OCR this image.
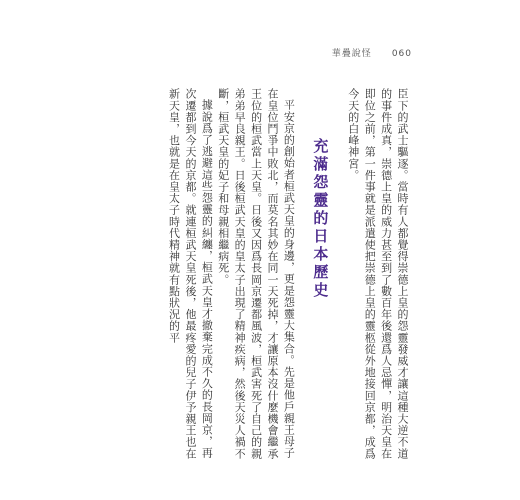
華疊說怪 060

臣下的武士驅逐。當時有人都覺得崇德上皇的怨靈發威才讓這種大逆不道的事件成真，崇德上皇的威力甚至到了數百年後還爲人忌憚，明治天皇在即位之前，第一件事就是派遣使把崇德上皇的靈柩從外地接回京都，成爲今天的白峰神宮。

充滿怨靈的日本歷史

平安京的創始者桓武天皇的身邊，更是怨靈大集合。先是他戶親王母子在皇位鬥爭中敗北，而莫名其妙在同一天死掉，才讓原本沒什麼機會繼承王位的桓武當上天皇。日後又因爲長岡京遷都風波，桓武害死了自己的親弟弟早良親王。日後桓武天皇的皇太子出現了精神疾病，然後天災人禍不斷，桓武天皇的妃子和母親相繼病死。

據說爲了逃避這些怨靈的糾纏，桓武天皇才撤棄完成不久的長岡京，再次遷都到今天的京都。就連桓武天皇死後，他最疼愛的兒子伊予親王也在新天皇，也就是在皇太子時代精神就有點狀況的平
